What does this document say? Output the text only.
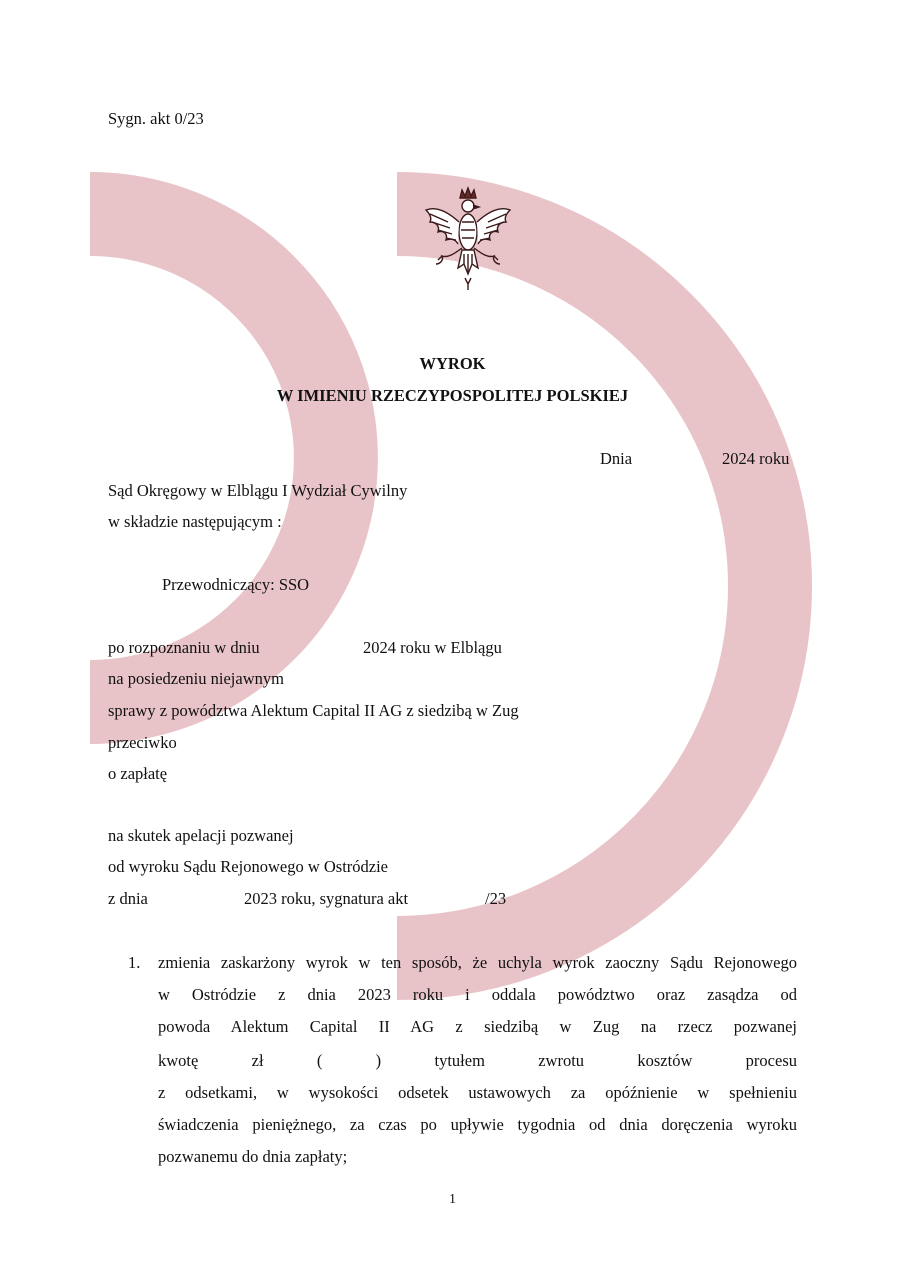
Sygn. akt 0/23
WYROK
W IMIENIU RZECZYPOSPOLITEJ POLSKIEJ
Dnia	2024 roku
Sąd Okręgowy w Elblągu I Wydział Cywilny
w składzie następującym :
Przewodniczący: SSO
po rozpoznaniu w dniu	2024 roku w Elblągu
na posiedzeniu niejawnym
sprawy z powództwa Alektum Capital II AG z siedzibą w Zug
przeciwko
o zapłatę
na skutek apelacji pozwanej
od wyroku Sądu Rejonowego w Ostródzie
z dnia	2023 roku, sygnatura akt	/23
1. zmienia zaskarżony wyrok w ten sposób, że uchyla wyrok zaoczny Sądu Rejonowego
w Ostródzie z dnia 2023 roku i oddala powództwo oraz zasądza od
powoda Alektum Capital II AG z siedzibą w Zug na rzecz pozwanej
kwotę zł ( ) tytułem zwrotu kosztów procesu
z odsetkami, w wysokości odsetek ustawowych za opóźnienie w spełnieniu
świadczenia pieniężnego, za czas po upływie tygodnia od dnia doręczenia wyroku
pozwanemu do dnia zapłaty;
1
